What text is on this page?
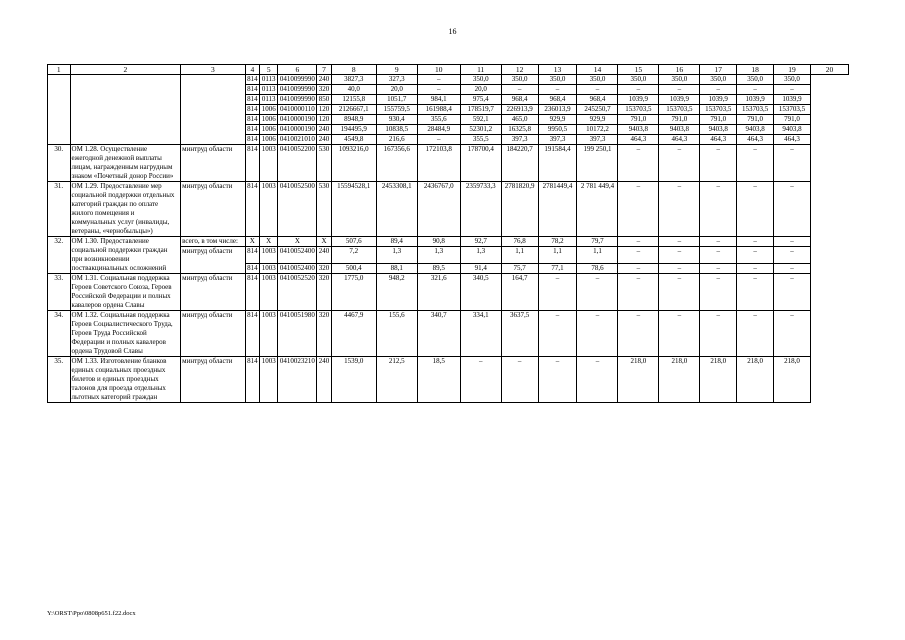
16
1	2	3	4	5	6	7	8	9	10	11	12	13	14	15	16	17	18	19	20
			814	0113	0410099990	240	3827,3	327,3	–	350,0	350,0	350,0	350,0	350,0	350,0	350,0	350,0	350,0	
			814	0113	0410099990	320	40,0	20,0	–	20,0	–	–	–	–	–	–	–	–	
			814	0113	0410099990	850	12155,8	1051,7	984,1	975,4	968,4	968,4	968,4	1039,9	1039,9	1039,9	1039,9	1039,9	
			814	1006	0410000110	120	2126667,1	155759,5	161988,4	178519,7	226913,9	236013,9	245250,7	153703,5	153703,5	153703,5	153703,5	153703,5	
			814	1006	0410000190	120	8948,9	930,4	355,6	592,1	465,0	929,9	929,9	791,0	791,0	791,0	791,0	791,0	
			814	1006	0410000190	240	194495,9	10838,5	28484,9	52301,2	16325,8	9950,5	10172,2	9403,8	9403,8	9403,8	9403,8	9403,8	
			814	1006	0410021010	240	4549,8	216,6	–	355,5	397,3	397,3	397,3	464,3	464,3	464,3	464,3	464,3	
30.	ОМ 1.28. Осуществление ежегодной денежной выплаты лицам, награжденным нагрудным знаком «Почетный донор России»	минтруд области	814	1003	0410052200	530	1093216,0	167356,6	172103,8	178700,4	184220,7	191584,4	199 250,1	–	–	–	–	–	
31.	ОМ 1.29. Предоставление мер социальной поддержки отдельных категорий граждан по оплате жилого помещения и коммунальных услуг (инвалиды, ветераны, «чернобыльцы»)	минтруд области	814	1003	0410052500	530	15594528,1	2453308,1	2436767,0	2359733,3	2781820,9	2781449,4	2 781 449,4	–	–	–	–	–	
32.	ОМ 1.30. Предоставление социальной поддержки граждан при возникновении поствакцинальных осложнений	всего, в том числе:	Х	Х	Х	Х	507,6	89,4	90,8	92,7	76,8	78,2	79,7	–	–	–	–	–	
		минтруд области	814	1003	0410052400	240	7,2	1,3	1,3	1,3	1,1	1,1	1,1	–	–	–	–	–	
			814	1003	0410052400	320	500,4	88,1	89,5	91,4	75,7	77,1	78,6	–	–	–	–	–	
33.	ОМ 1.31. Социальная поддержка Героев Советского Союза, Героев Российской Федерации и полных кавалеров ордена Славы	минтруд области	814	1003	0410052520	320	1775,0	948,2	321,6	340,5	164,7	–	–	–	–	–	–	–	
34.	ОМ 1.32. Социальная поддержка Героев Социалистического Труда, Героев Труда Российской Федерации и полных кавалеров ордена Трудовой Славы	минтруд области	814	1003	0410051980	320	4467,9	155,6	340,7	334,1	3637,5	–	–	–	–	–	–	–	
35.	ОМ 1.33. Изготовление бланков единых социальных проездных билетов и единых проездных талонов для проезда отдельных льготных категорий граждан	минтруд области	814	1003	0410023210	240	1539,0	212,5	18,5	–	–	–	–	218,0	218,0	218,0	218,0	218,0	
Y:\ORST\Ppo\0808p651.f22.docx
